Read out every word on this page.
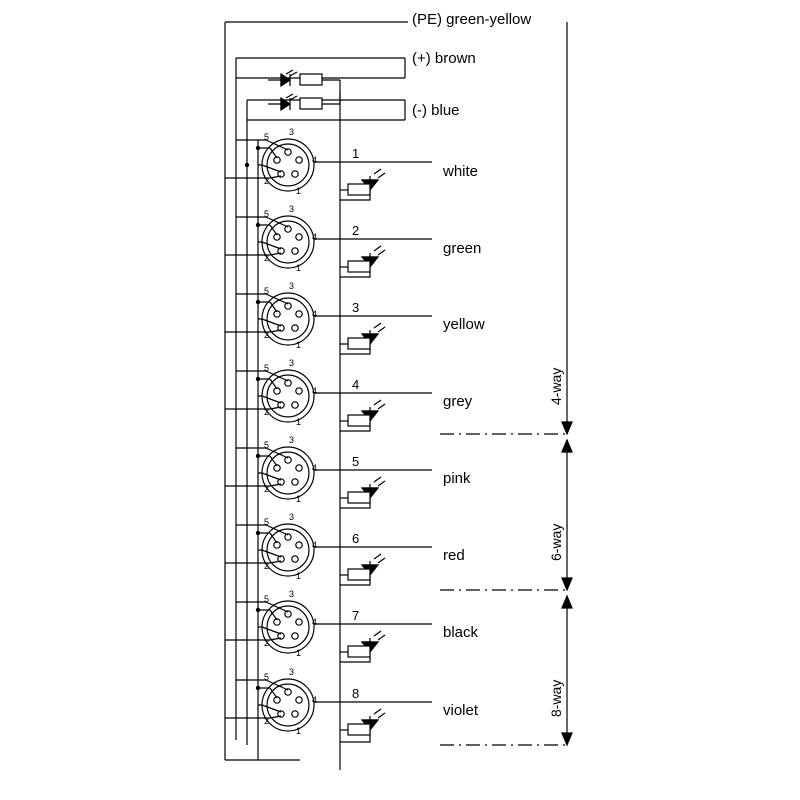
(PE) green-yellow
(+) brown
(-) blue
1
2
3
4
5
6
7
8
white
green
yellow
grey
pink
red
black
violet
5 3
4
2
1
5 3
4
2
1
5 3
4
2
1
5 3
4
2
1
5 3
4
2
1
5 3
4
2
1
5 3
4
2
1
5 3
4
2
1
4-way
6-way
8-way
